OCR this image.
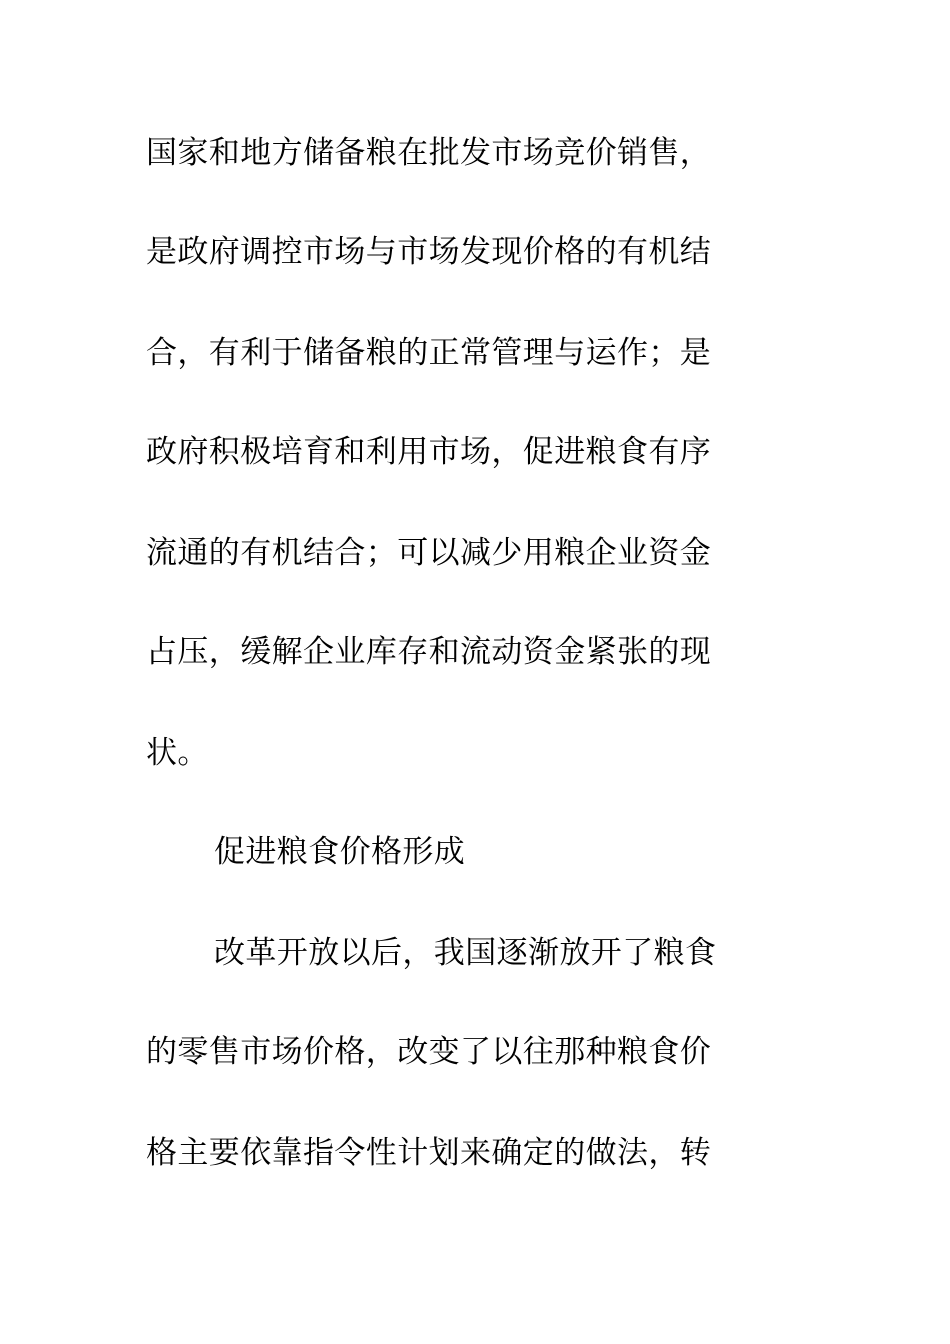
国家和地方储备粮在批发市场竞价销售，
是政府调控市场与市场发现价格的有机结
合，有利于储备粮的正常管理与运作；是
政府积极培育和利用市场，促进粮食有序
流通的有机结合；可以减少用粮企业资金
占压，缓解企业库存和流动资金紧张的现
状。
促进粮食价格形成
改革开放以后，我国逐渐放开了粮食
的零售市场价格，改变了以往那种粮食价
格主要依靠指令性计划来确定的做法，转
